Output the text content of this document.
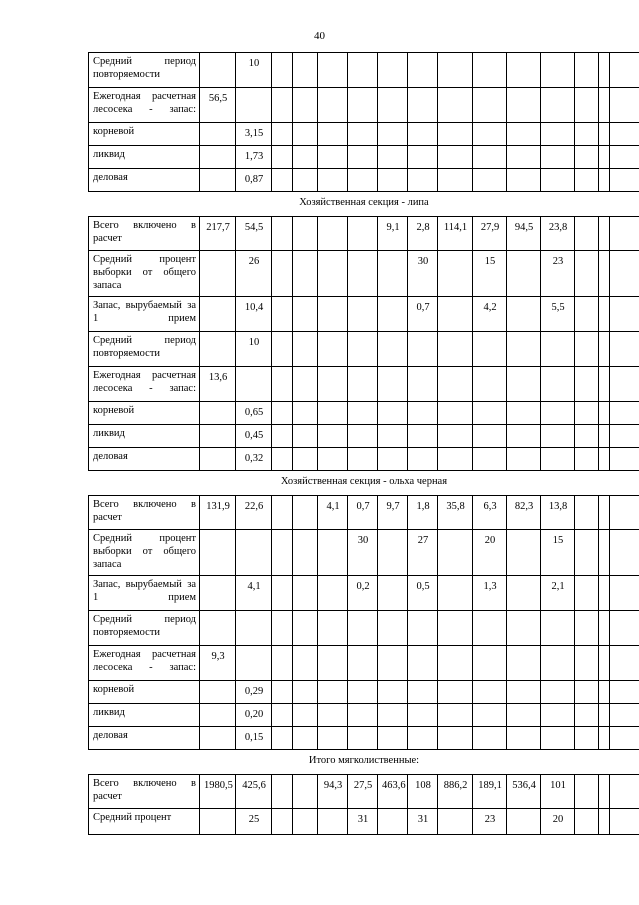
40
Средний период повторяемости		10													
Ежегодная расчетная лесосека - запас:	56,5														
корневой		3,15													
ликвид		1,73													
деловая		0,87													
Хозяйственная секция - липа															
Всего включено в расчет	217,7	54,5					9,1	2,8	114,1	27,9	94,5	23,8			
Средний процент выборки от общего запаса		26						30		15		23			
Запас, вырубаемый за 1 прием		10,4						0,7		4,2		5,5			
Средний период повторяемости		10													
Ежегодная расчетная лесосека - запас:	13,6														
корневой		0,65													
ликвид		0,45													
деловая		0,32													
Хозяйственная секция - ольха черная															
Всего включено в расчет	131,9	22,6			4,1	0,7	9,7	1,8	35,8	6,3	82,3	13,8			
Средний процент выборки от общего запаса						30		27		20		15			
Запас, вырубаемый за 1 прием		4,1				0,2		0,5		1,3		2,1			
Средний период повторяемости															
Ежегодная расчетная лесосека - запас:	9,3														
корневой		0,29													
ликвид		0,20													
деловая		0,15													
Итого мягколиственные:															
Всего включено в расчет	1980,5	425,6			94,3	27,5	463,6	108	886,2	189,1	536,4	101			
Средний процент		25				31		31		23		20			
